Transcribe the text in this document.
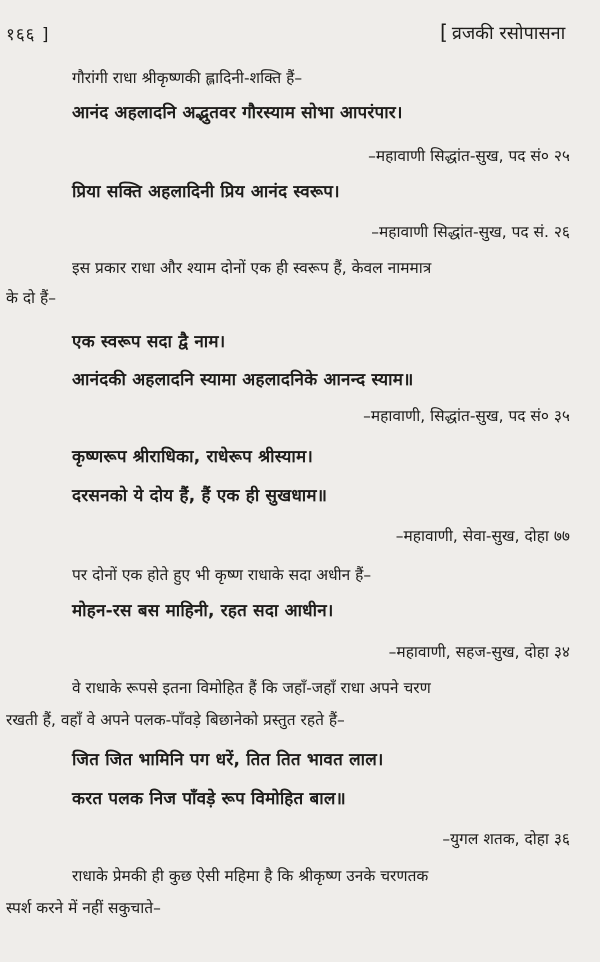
१६६ ]	[ व्रजकी रसोपासना
गौरांगी राधा श्रीकृष्णकी ह्लादिनी-शक्ति हैं–
आनंद अहलादनि अद्भुतवर गौरस्याम सोभा आपरंपार।
–महावाणी सिद्धांत-सुख, पद सं० २५
प्रिया सक्ति अहलादिनी प्रिय आनंद स्वरूप।
–महावाणी सिद्धांत-सुख, पद सं. २६
इस प्रकार राधा और श्याम दोनों एक ही स्वरूप हैं, केवल नाममात्र
के दो हैं–
एक स्वरूप सदा द्वै नाम।
आनंदकी अहलादनि स्यामा अहलादनिके आनन्द स्याम॥
–महावाणी, सिद्धांत-सुख, पद सं० ३५
कृष्णरूप श्रीराधिका, राधेरूप श्रीस्याम।
दरसनको ये दोय हैं, हैं एक ही सुखधाम॥
–महावाणी, सेवा-सुख, दोहा ७७
पर दोनों एक होते हुए भी कृष्ण राधाके सदा अधीन हैं–
मोहन-रस बस माहिनी, रहत सदा आधीन।
–महावाणी, सहज-सुख, दोहा ३४
वे राधाके रूपसे इतना विमोहित हैं कि जहाँ-जहाँ राधा अपने चरण
रखती हैं, वहाँ वे अपने पलक-पाँवड़े बिछानेको प्रस्तुत रहते हैं–
जित जित भामिनि पग धरें, तित तित भावत लाल।
करत पलक निज पाँवड़े रूप विमोहित बाल॥
–युगल शतक, दोहा ३६
राधाके प्रेमकी ही कुछ ऐसी महिमा है कि श्रीकृष्ण उनके चरणतक
स्पर्श करने में नहीं सकुचाते–
